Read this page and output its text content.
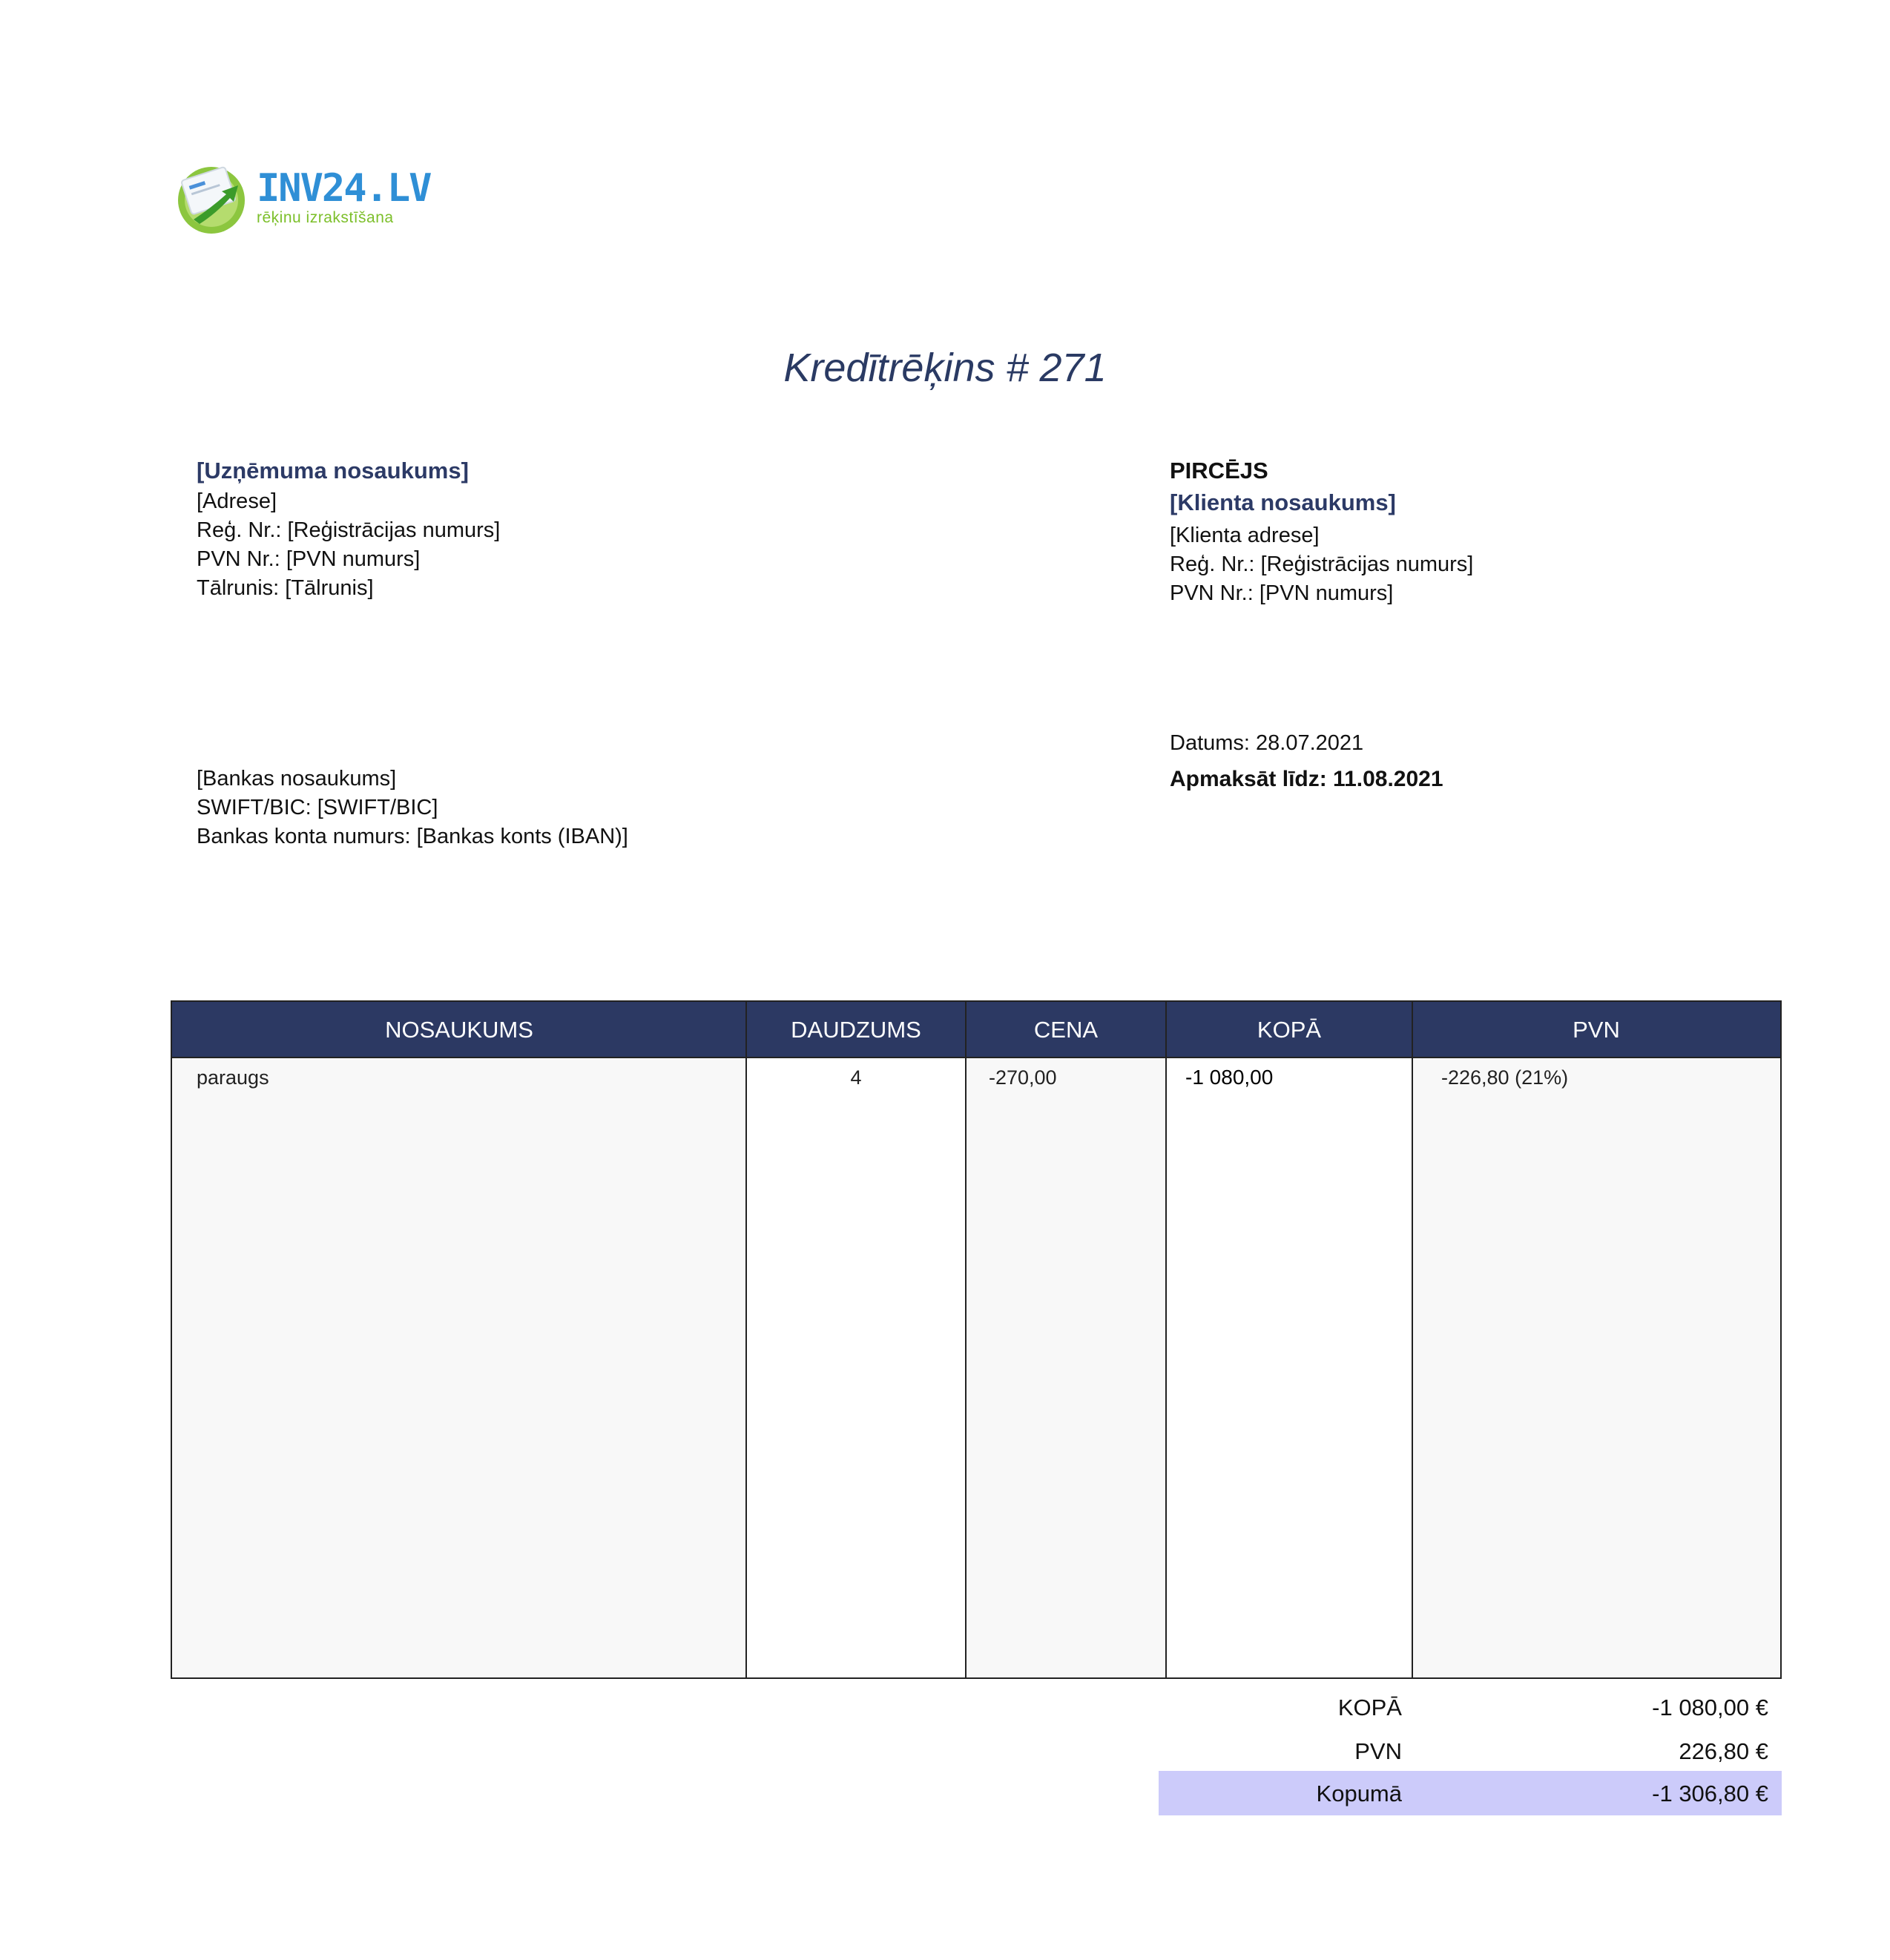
INV24.LV
rēķinu izrakstīšana
Kredītrēķins # 271
[Uzņēmuma nosaukums]
[Adrese]
Reģ. Nr.: [Reģistrācijas numurs]
PVN Nr.: [PVN numurs]
Tālrunis: [Tālrunis]
PIRCĒJS
[Klienta nosaukums]
[Klienta adrese]
Reģ. Nr.: [Reģistrācijas numurs]
PVN Nr.: [PVN numurs]
Datums: 28.07.2021
Apmaksāt līdz: 11.08.2021
[Bankas nosaukums]
SWIFT/BIC: [SWIFT/BIC]
Bankas konta numurs: [Bankas konts (IBAN)]
NOSAUKUMS	DAUDZUMS	CENA	KOPĀ	PVN
paraugs	4	-270,00	-1 080,00	-226,80 (21%)
KOPĀ	-1 080,00 €
PVN	226,80 €
Kopumā	-1 306,80 €
